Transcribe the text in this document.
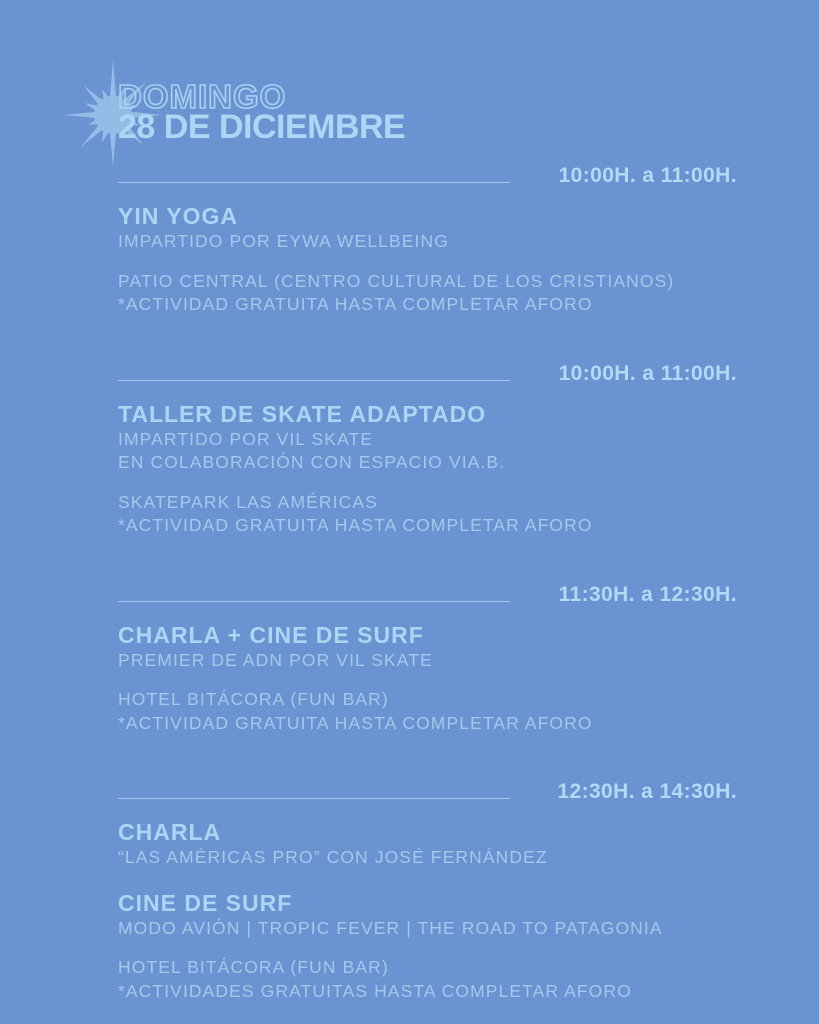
DOMINGO
28 DE DICIEMBRE
10:00H. a 11:00H.
YIN YOGA

IMPARTIDO POR EYWA WELLBEING

PATIO CENTRAL (CENTRO CULTURAL DE LOS CRISTIANOS)

*ACTIVIDAD GRATUITA HASTA COMPLETAR AFORO

10:00H. a 11:00H.
TALLER DE SKATE ADAPTADO

IMPARTIDO POR VIL SKATE

EN COLABORACIÓN CON ESPACIO VIA.B.

SKATEPARK LAS AMÉRICAS

*ACTIVIDAD GRATUITA HASTA COMPLETAR AFORO

11:30H. a 12:30H.
CHARLA + CINE DE SURF

PREMIER DE ADN POR VIL SKATE

HOTEL BITÁCORA (FUN BAR)

*ACTIVIDAD GRATUITA HASTA COMPLETAR AFORO

12:30H. a 14:30H.
CHARLA

“LAS AMÉRICAS PRO” CON JOSÉ FERNÁNDEZ

CINE DE SURF

MODO AVIÓN | TROPIC FEVER | THE ROAD TO PATAGONIA

HOTEL BITÁCORA (FUN BAR)

*ACTIVIDADES GRATUITAS HASTA COMPLETAR AFORO
